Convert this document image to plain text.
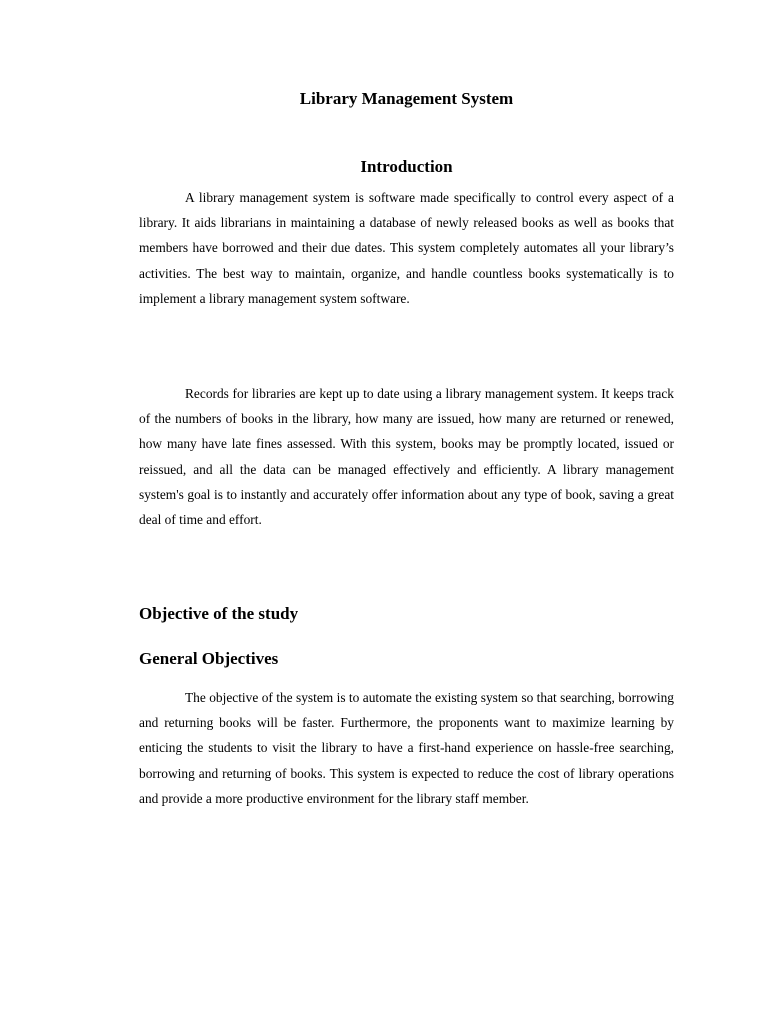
Library Management System
Introduction

A library management system is software made specifically to control every aspect of a library. It aids librarians in maintaining a database of newly released books as well as books that members have borrowed and their due dates. This system completely automates all your library’s activities. The best way to maintain, organize, and handle countless books systematically is to implement a library management system software.

Records for libraries are kept up to date using a library management system. It keeps track of the numbers of books in the library, how many are issued, how many are returned or renewed, how many have late fines assessed. With this system, books may be promptly located, issued or reissued, and all the data can be managed effectively and efficiently. A library management system's goal is to instantly and accurately offer information about any type of book, saving a great deal of time and effort.

Objective of the study
General Objectives

The objective of the system is to automate the existing system so that searching, borrowing and returning books will be faster. Furthermore, the proponents want to maximize learning by enticing the students to visit the library to have a first-hand experience on hassle-free searching, borrowing and returning of books. This system is expected to reduce the cost of library operations and provide a more productive environment for the library staff member.
